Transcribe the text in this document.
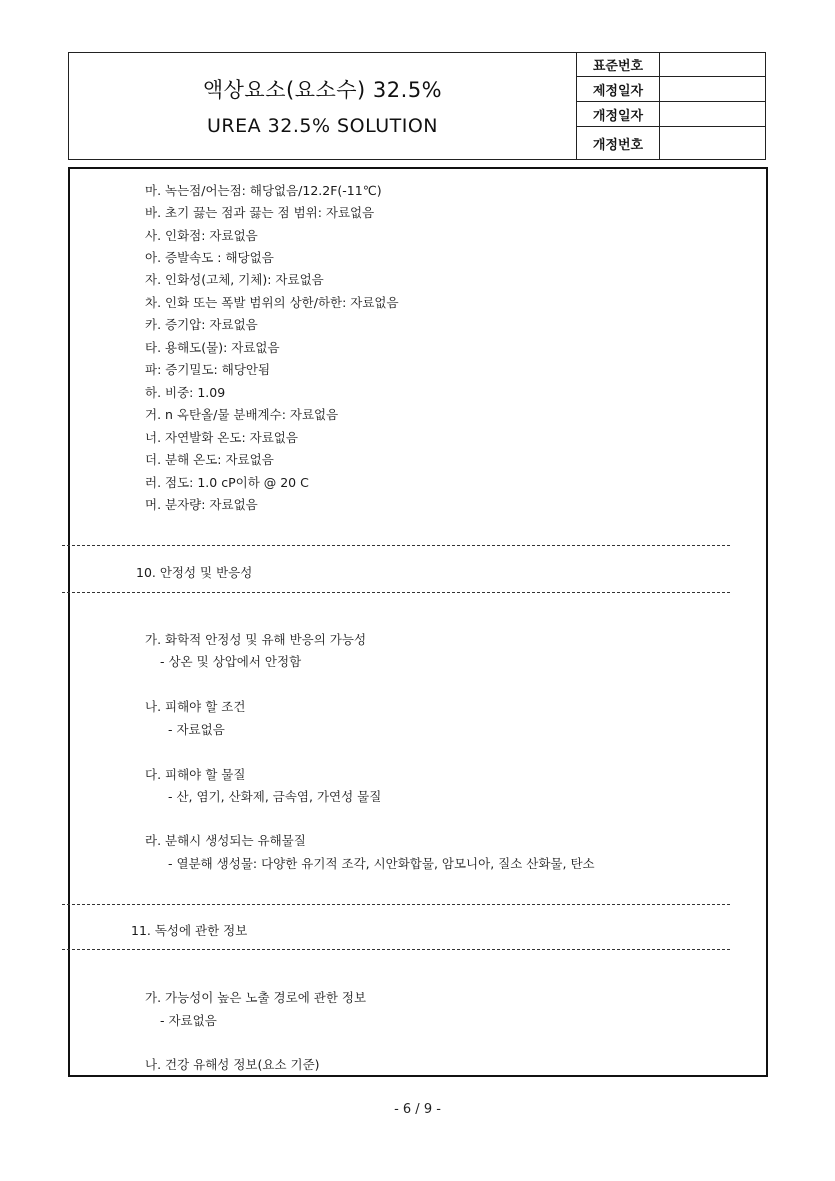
액상요소(요소수) 32.5%
UREA 32.5% SOLUTION
표준번호	
제정일자	
개정일자	
개정번호	
마. 녹는점/어는점: 해당없음/12.2F(-11℃)
바. 초기 끓는 점과 끓는 점 범위: 자료없음
사. 인화점: 자료없음
아. 증발속도 : 해당없음
자. 인화성(고체, 기체): 자료없음
차. 인화 또는 폭발 범위의 상한/하한: 자료없음
카. 증기압: 자료없음
타. 용해도(물): 자료없음
파: 증기밀도: 해당안됨
하. 비중: 1.09
거. n 옥탄올/물 분배계수: 자료없음
너. 자연발화 온도: 자료없음
더. 분해 온도: 자료없음
러. 점도: 1.0 cP이하 @ 20 C
머. 분자량: 자료없음
10. 안정성 및 반응성
가. 화학적 안정성 및 유해 반응의 가능성
- 상온 및 상압에서 안정함
나. 피해야 할 조건
- 자료없음
다. 피해야 할 물질
- 산, 염기, 산화제, 금속염, 가연성 물질
라. 분해시 생성되는 유해물질
- 열분해 생성물: 다양한 유기적 조각, 시안화합물, 암모니아, 질소 산화물, 탄소
11. 독성에 관한 정보
가. 가능성이 높은 노출 경로에 관한 정보
- 자료없음
나. 건강 유해성 정보(요소 기준)
- 6 / 9 -
